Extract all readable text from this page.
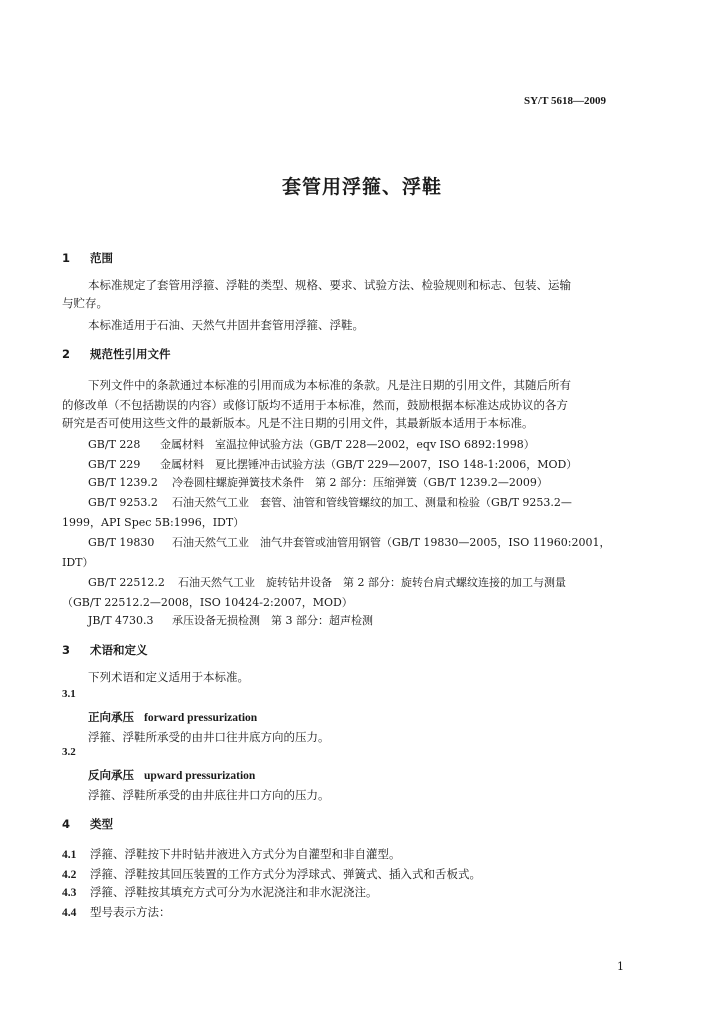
SY/T 5618—2009
套管用浮箍、浮鞋
1 范围
本标准规定了套管用浮箍、浮鞋的类型、规格、要求、试验方法、检验规则和标志、包装、运输
与贮存。
本标准适用于石油、天然气井固井套管用浮箍、浮鞋。
2 规范性引用文件
下列文件中的条款通过本标准的引用而成为本标准的条款。凡是注日期的引用文件，其随后所有
的修改单（不包括勘误的内容）或修订版均不适用于本标准，然而，鼓励根据本标准达成协议的各方
研究是否可使用这些文件的最新版本。凡是不注日期的引用文件，其最新版本适用于本标准。
GB/T 228 金属材料　室温拉伸试验方法（GB/T 228—2002，eqv ISO 6892:1998）
GB/T 229 金属材料　夏比摆锤冲击试验方法（GB/T 229—2007，ISO 148-1:2006，MOD）
GB/T 1239.2 冷卷圆柱螺旋弹簧技术条件　第 2 部分：压缩弹簧（GB/T 1239.2—2009）
GB/T 9253.2 石油天然气工业　套管、油管和管线管螺纹的加工、测量和检验（GB/T 9253.2—
1999，API Spec 5B:1996，IDT）
GB/T 19830 石油天然气工业　油气井套管或油管用钢管（GB/T 19830—2005，ISO 11960:2001，
IDT）
GB/T 22512.2 石油天然气工业　旋转钻井设备　第 2 部分：旋转台肩式螺纹连接的加工与测量
（GB/T 22512.2—2008，ISO 10424-2:2007，MOD）
JB/T 4730.3 承压设备无损检测　第 3 部分：超声检测
3 术语和定义
下列术语和定义适用于本标准。
3.1
正向承压 forward pressurization
浮箍、浮鞋所承受的由井口往井底方向的压力。
3.2
反向承压 upward pressurization
浮箍、浮鞋所承受的由井底往井口方向的压力。
4 类型
4.1 浮箍、浮鞋按下井时钻井液进入方式分为自灌型和非自灌型。
4.2 浮箍、浮鞋按其回压装置的工作方式分为浮球式、弹簧式、插入式和舌板式。
4.3 浮箍、浮鞋按其填充方式可分为水泥浇注和非水泥浇注。
4.4 型号表示方法：
1
